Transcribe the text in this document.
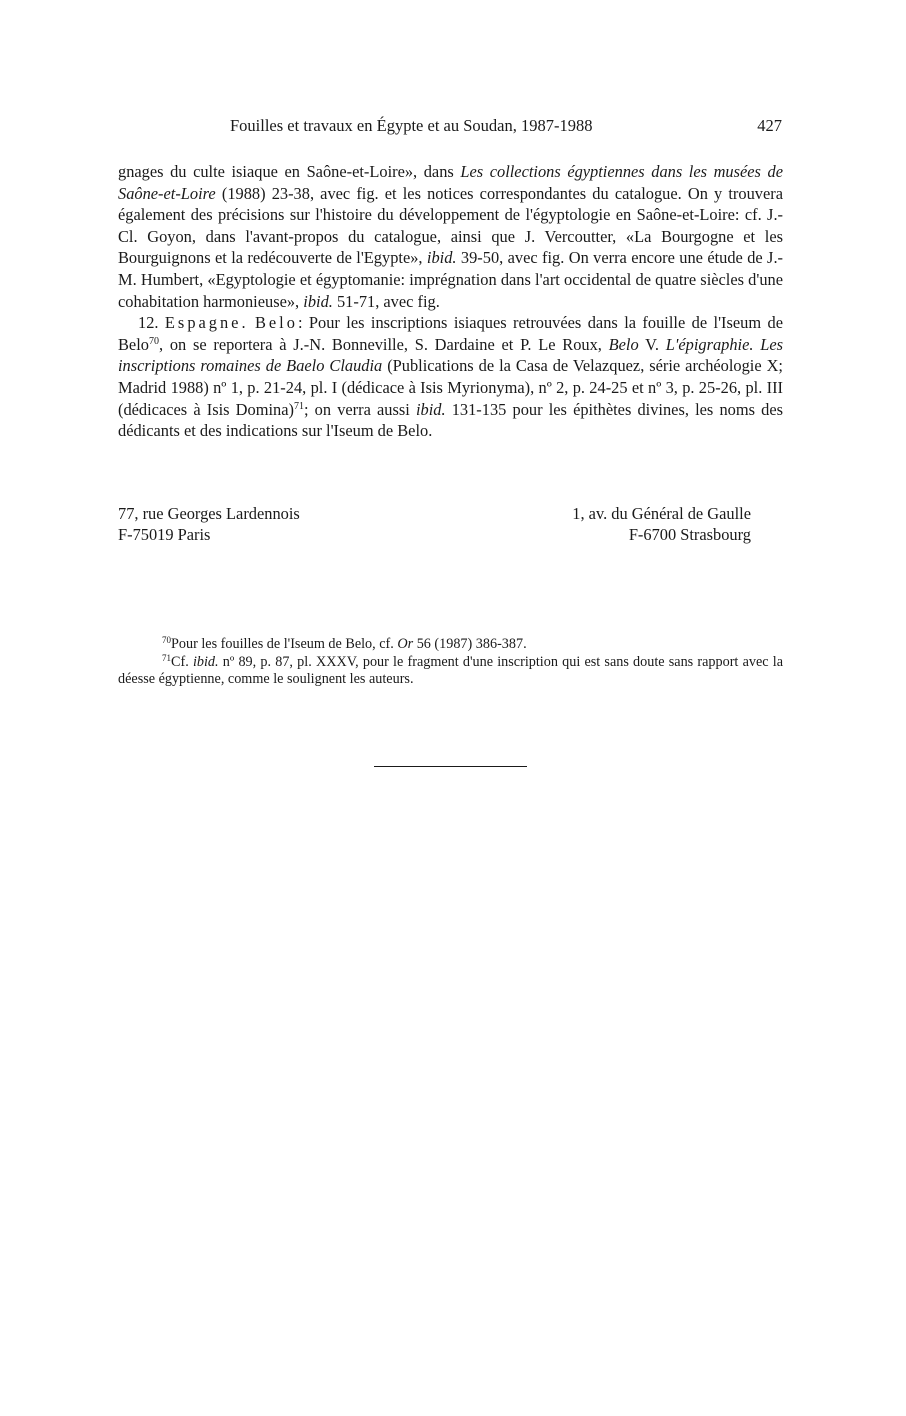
Fouilles et travaux en Égypte et au Soudan, 1987-1988	427

gnages du culte isiaque en Saône-et-Loire», dans Les collections égyptiennes dans les musées de Saône-et-Loire (1988) 23-38, avec fig. et les notices correspondantes du catalogue. On y trouvera également des précisions sur l'histoire du développement de l'égyptologie en Saône-et-Loire: cf. J.-Cl. Goyon, dans l'avant-propos du catalogue, ainsi que J. Vercoutter, «La Bourgogne et les Bourguignons et la redécouverte de l'Egypte», ibid. 39-50, avec fig. On verra encore une étude de J.-M. Humbert, «Egyptologie et égyptomanie: imprégnation dans l'art occidental de quatre siècles d'une cohabitation harmonieuse», ibid. 51-71, avec fig.

12. Espagne. Belo: Pour les inscriptions isiaques retrouvées dans la fouille de l'Iseum de Belo$^{70}$, on se reportera à J.-N. Bonneville, S. Dardaine et P. Le Roux, Belo V. L'épigraphie. Les inscriptions romaines de Baelo Claudia (Publications de la Casa de Velazquez, série archéologie X; Madrid 1988) nº 1, p. 21-24, pl. I (dédicace à Isis Myrionyma), nº 2, p. 24-25 et nº 3, p. 25-26, pl. III (dédicaces à Isis Domina)$^{71}$; on verra aussi ibid. 131-135 pour les épithètes divines, les noms des dédicants et des indications sur l'Iseum de Belo.

77, rue Georges Lardennois
F-75019 Paris
1, av. du Général de Gaulle
F-6700 Strasbourg

$^{70}$Pour les fouilles de l'Iseum de Belo, cf. Or 56 (1987) 386-387.

$^{71}$Cf. ibid. nº 89, p. 87, pl. XXXV, pour le fragment d'une inscription qui est sans doute sans rapport avec la déesse égyptienne, comme le soulignent les auteurs.
